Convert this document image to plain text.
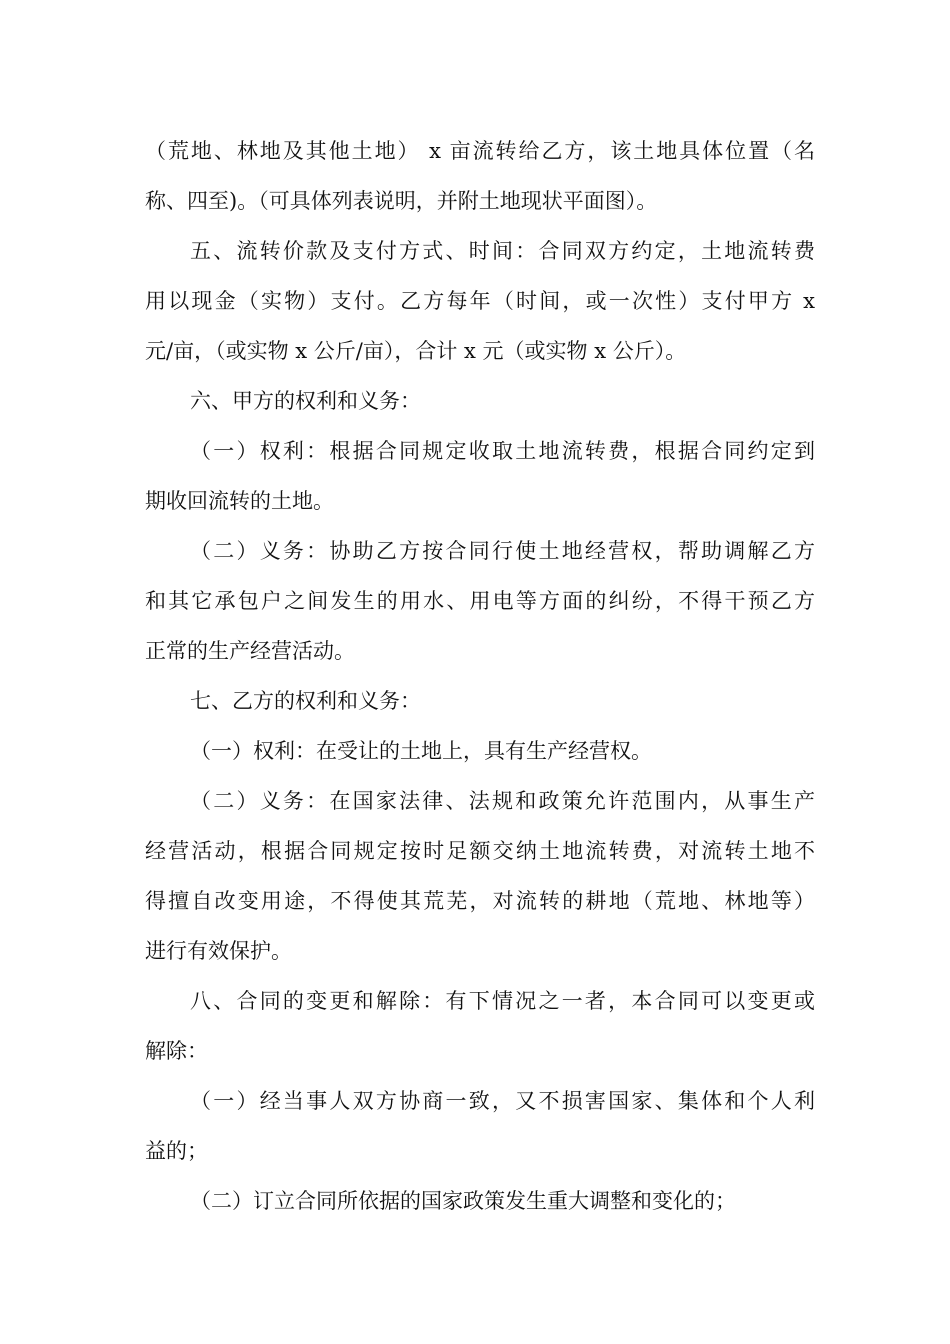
（荒地、林地及其他土地） x 亩流转给乙方，该土地具体位置（名
称、四至)。（可具体列表说明，并附土地现状平面图）。
五、流转价款及支付方式、时间：合同双方约定，土地流转费
用以现金（实物）支付。乙方每年（时间，或一次性）支付甲方 x
元/亩，（或实物 x 公斤/亩），合计 x 元（或实物 x 公斤）。
六、甲方的权利和义务：
（一）权利：根据合同规定收取土地流转费，根据合同约定到
期收回流转的土地。
（二）义务：协助乙方按合同行使土地经营权，帮助调解乙方
和其它承包户之间发生的用水、用电等方面的纠纷，不得干预乙方
正常的生产经营活动。
七、乙方的权利和义务：
（一）权利：在受让的土地上，具有生产经营权。
（二）义务：在国家法律、法规和政策允许范围内，从事生产
经营活动，根据合同规定按时足额交纳土地流转费，对流转土地不
得擅自改变用途，不得使其荒芜，对流转的耕地（荒地、林地等）
进行有效保护。
八、合同的变更和解除：有下情况之一者，本合同可以变更或
解除：
（一）经当事人双方协商一致，又不损害国家、集体和个人利
益的；
（二）订立合同所依据的国家政策发生重大调整和变化的；
